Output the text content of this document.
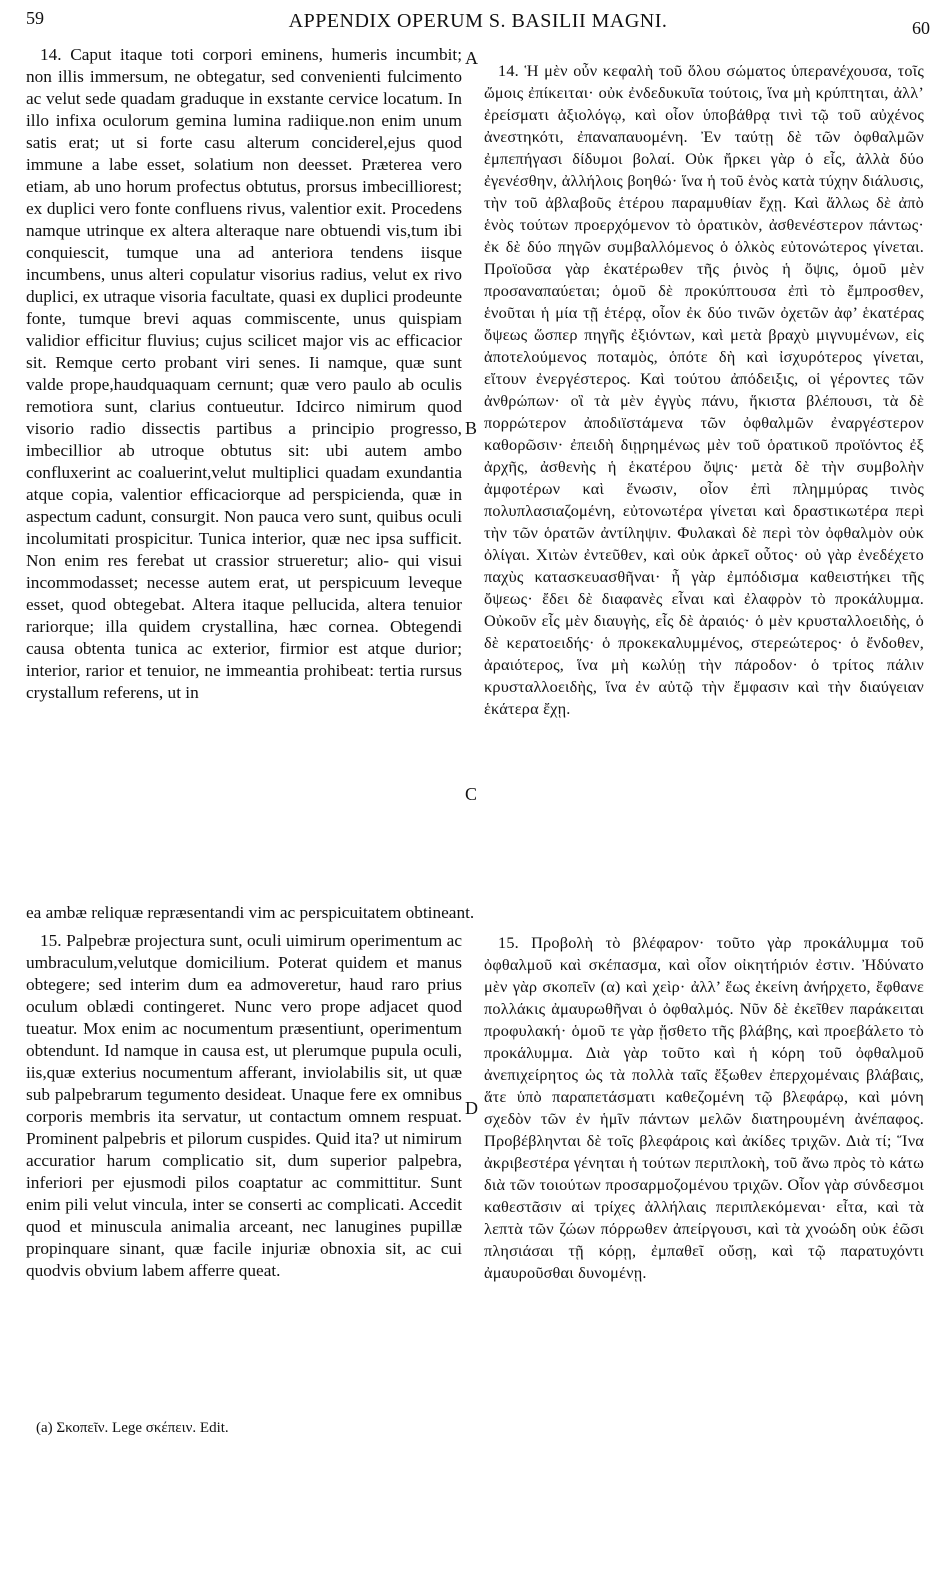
59	APPENDIX OPERUM S. BASILII MAGNI.	60

14. Caput itaque toti corpori eminens, humeris incumbit; non illis immersum, ne obtegatur, sed convenienti fulcimento ac velut sede quadam graduque in exstante cervice locatum. In illo infixa oculorum gemina lumina radiique.non enim unum satis erat; ut si forte casu alterum conciderel,ejus quod immune a labe esset, solatium non deesset. Præterea vero etiam, ab uno horum profectus obtutus, prorsus imbecilliorest; ex duplici vero fonte confluens rivus, valentior exit. Procedens namque utrinque ex altera alteraque nare obtuendi vis,tum ibi conquiescit, tumque una ad anteriora tendens iisque incumbens, unus alteri copulatur visorius radius, velut ex rivo duplici, ex utraque visoria facultate, quasi ex duplici prodeunte fonte, tumque brevi aquas commiscente, unus quispiam validior efficitur fluvius; cujus scilicet major vis ac efficacior sit. Remque certo probant viri senes. Ii namque, quæ sunt valde prope,haudquaquam cernunt; quæ vero paulo ab oculis remotiora sunt, clarius contueutur. Idcirco nimirum quod visorio radio dissectis partibus a principio progresso, imbecillior ab utroque obtutus sit: ubi autem ambo confluxerint ac coaluerint,velut multiplici quadam exundantia atque copia, valentior efficaciorque ad perspicienda, quæ in aspectum cadunt, consurgit. Non pauca vero sunt, quibus oculi incolumitati prospicitur. Tunica interior, quæ nec ipsa sufficit. Non enim res ferebat ut crassior strueretur; alio- qui visui incommodasset; necesse autem erat, ut perspicuum leveque esset, quod obtegebat. Altera itaque pellucida, altera tenuior rariorque; illa quidem crystallina, hæc cornea. Obtegendi causa obtenta tunica ac exterior, firmior est atque durior; interior, rarior et tenuior, ne immeantia prohibeat: tertia rursus crystallum referens, ut in

14. Ἡ μὲν οὖν κεφαλὴ τοῦ ὅλου σώματος ὑπερανέχουσα, τοῖς ὤμοις ἐπίκειται· οὐκ ἐνδεδυκυῖα τούτοις, ἵνα μὴ κρύπτηται, ἀλλ’ ἐρείσματι ἀξιολόγῳ, καὶ οἷον ὑποβάθρᾳ τινὶ τῷ τοῦ αὐχένος ἀνεστηκότι, ἐπαναπαυομένη. Ἐν ταύτῃ δὲ τῶν ὀφθαλμῶν ἐμπεπήγασι δίδυμοι βολαί. Οὐκ ἤρκει γὰρ ὁ εἷς, ἀλλὰ δύο ἐγενέσθην, ἀλλήλοις βοηθώ· ἵνα ἡ τοῦ ἑνὸς κατὰ τύχην διάλυσις, τὴν τοῦ ἀβλαβοῦς ἑτέρου παραμυθίαν ἔχῃ. Καὶ ἄλλως δὲ ἀπὸ ἑνὸς τούτων προερχόμενον τὸ ὁρατικὸν, ἀσθενέστερον πάντως· ἐκ δὲ δύο πηγῶν συμβαλλόμενος ὁ ὁλκὸς εὐτονώτερος γίνεται. Προϊοῦσα γὰρ ἑκατέρωθεν τῆς ῥινὸς ἡ ὄψις, ὁμοῦ μὲν προσαναπαύεται; ὁμοῦ δὲ προκύπτουσα ἐπὶ τὸ ἔμπροσθεν, ἑνοῦται ἡ μία τῇ ἑτέρᾳ, οἷον ἐκ δύο τινῶν ὀχετῶν ἀφ’ ἑκατέρας ὄψεως ὥσπερ πηγῆς ἐξιόντων, καὶ μετὰ βραχὺ μιγνυμένων, εἰς ἀποτελούμενος ποταμὸς, ὁπότε δὴ καὶ ἰσχυρότερος γίνεται, εἴτουν ἐνεργέστερος. Καὶ τούτου ἀπόδειξις, οἱ γέροντες τῶν ἀνθρώπων· οἳ τὰ μὲν ἐγγὺς πάνυ, ἥκιστα βλέπουσι, τὰ δὲ πορρώτερον ἀποδιϊστάμενα τῶν ὀφθαλμῶν ἐναργέστερον καθορῶσιν· ἐπειδὴ διῃρημένως μὲν τοῦ ὁρατικοῦ προϊόντος ἐξ ἀρχῆς, ἀσθενὴς ἡ ἑκατέρου ὄψις· μετὰ δὲ τὴν συμβολὴν ἀμφοτέρων καὶ ἕνωσιν, οἷον ἐπὶ πλημμύρας τινὸς πολυπλασιαζομένη, εὐτονωτέρα γίνεται καὶ δραστικωτέρα περὶ τὴν τῶν ὁρατῶν ἀντίληψιν. Φυλακαὶ δὲ περὶ τὸν ὀφθαλμὸν οὐκ ὀλίγαι. Χιτὼν ἐντεῦθεν, καὶ οὐκ ἀρκεῖ οὗτος· οὐ γὰρ ἐνεδέχετο παχὺς κατασκευασθῆναι· ἦ γὰρ ἐμπόδισμα καθειστήκει τῆς ὄψεως· ἔδει δὲ διαφανὲς εἶναι καὶ ἐλαφρὸν τὸ προκάλυμμα. Οὐκοῦν εἷς μὲν διαυγὴς, εἷς δὲ ἀραιός· ὁ μὲν κρυσταλλοειδὴς, ὁ δὲ κερατοειδής· ὁ προκεκαλυμμένος, στερεώτερος· ὁ ἔνδοθεν, ἀραιότερος, ἵνα μὴ κωλύῃ τὴν πάροδον· ὁ τρίτος πάλιν κρυσταλλοειδὴς, ἵνα ἐν αὐτῷ τὴν ἔμφασιν καὶ τὴν διαύγειαν ἑκάτερα ἔχῃ.

A
B
C
D
ea ambæ reliquæ repræsentandi vim ac perspicuitatem obtineant.

15. Palpebræ projectura sunt, oculi uimirum operimentum ac umbraculum,velutque domicilium. Poterat quidem et manus obtegere; sed interim dum ea admoveretur, haud raro prius oculum oblædi contingeret. Nunc vero prope adjacet quod tueatur. Mox enim ac nocumentum præsentiunt, operimentum obtendunt. Id namque in causa est, ut plerumque pupula oculi, iis,quæ exterius nocumentum afferant, inviolabilis sit, ut quæ sub palpebrarum tegumento desideat. Unaque fere ex omnibus corporis membris ita servatur, ut contactum omnem respuat. Prominent palpebris et pilorum cuspides. Quid ita? ut nimirum accuratior harum complicatio sit, dum superior palpebra, inferiori per ejusmodi pilos coaptatur ac committitur. Sunt enim pili velut vincula, inter se conserti ac complicati. Accedit quod et minuscula animalia arceant, nec lanugines pupillæ propinquare sinant, quæ facile injuriæ obnoxia sit, ac cui quodvis obvium labem afferre queat.

15. Προβολὴ τὸ βλέφαρον· τοῦτο γὰρ προκάλυμμα τοῦ ὀφθαλμοῦ καὶ σκέπασμα, καὶ οἷον οἰκητήριόν ἐστιν. Ἠδύνατο μὲν γὰρ σκοπεῖν (α) καὶ χεὶρ· ἀλλ’ ἕως ἐκείνη ἀνήρχετο, ἔφθανε πολλάκις ἀμαυρωθῆναι ὁ ὀφθαλμός. Νῦν δὲ ἐκεῖθεν παράκειται προφυλακή· ὁμοῦ τε γὰρ ᾔσθετο τῆς βλάβης, καὶ προεβάλετο τὸ προκάλυμμα. Διὰ γὰρ τοῦτο καὶ ἡ κόρη τοῦ ὀφθαλμοῦ ἀνεπιχείρητος ὡς τὰ πολλὰ ταῖς ἔξωθεν ἐπερχομέναις βλάβαις, ἅτε ὑπὸ παραπετάσματι καθεζομένη τῷ βλεφάρῳ, καὶ μόνη σχεδὸν τῶν ἐν ἡμῖν πάντων μελῶν διατηρουμένη ἀνέπαφος. Προβέβληνται δὲ τοῖς βλεφάροις καὶ ἀκίδες τριχῶν. Διὰ τί; Ἵνα ἀκριβεστέρα γένηται ἡ τούτων περιπλοκὴ, τοῦ ἄνω πρὸς τὸ κάτω διὰ τῶν τοιούτων προσαρμοζομένου τριχῶν. Οἷον γὰρ σύνδεσμοι καθεστᾶσιν αἱ τρίχες ἀλλήλαις περιπλεκόμεναι· εἶτα, καὶ τὰ λεπτὰ τῶν ζώων πόρρωθεν ἀπείργουσι, καὶ τὰ χνοώδη οὐκ ἐῶσι πλησιάσαι τῇ κόρῃ, ἐμπαθεῖ οὔσῃ, καὶ τῷ παρατυχόντι ἀμαυροῦσθαι δυνομένῃ.

(a) Σκοπεῖν. Lege σκέπειν. Edit.
